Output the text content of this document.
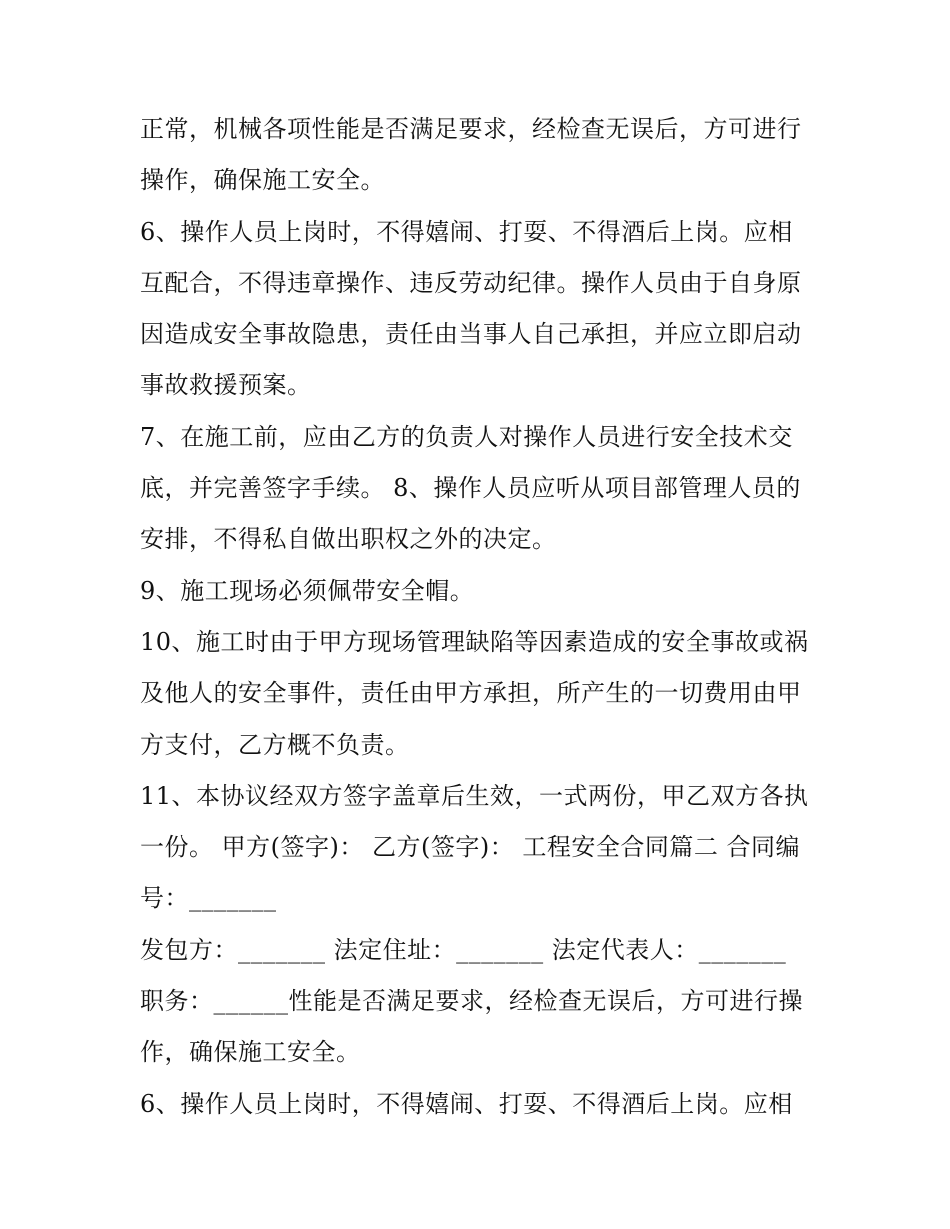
正常，机械各项性能是否满足要求，经检查无误后，方可进行
操作，确保施工安全。
6、操作人员上岗时，不得嬉闹、打耍、不得酒后上岗。应相
互配合，不得违章操作、违反劳动纪律。操作人员由于自身原
因造成安全事故隐患，责任由当事人自己承担，并应立即启动
事故救援预案。
7、在施工前，应由乙方的负责人对操作人员进行安全技术交
底，并完善签字手续。 8、操作人员应听从项目部管理人员的
安排，不得私自做出职权之外的决定。
9、施工现场必须佩带安全帽。
10、施工时由于甲方现场管理缺陷等因素造成的安全事故或祸
及他人的安全事件，责任由甲方承担，所产生的一切费用由甲
方支付，乙方概不负责。
11、本协议经双方签字盖章后生效，一式两份，甲乙双方各执
一份。 甲方(签字)： 乙方(签字)： 工程安全合同篇二 合同编
号：_______
发包方：_______ 法定住址：_______ 法定代表人：_______
职务：______性能是否满足要求，经检查无误后，方可进行操
作，确保施工安全。
6、操作人员上岗时，不得嬉闹、打耍、不得酒后上岗。应相
